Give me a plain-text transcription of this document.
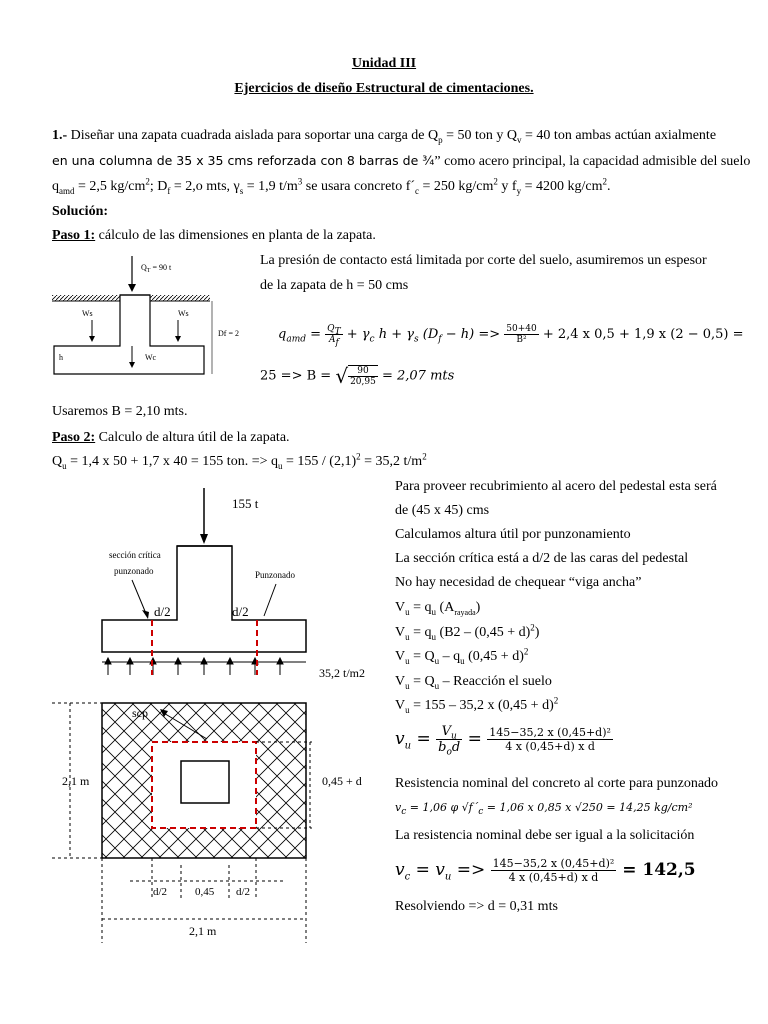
Unidad III
Ejercicios de diseño Estructural de cimentaciones.
1.- Diseñar una zapata cuadrada aislada para soportar una carga de $Q_p = 50$ ton y $Q_v = 40$ ton ambas actúan axialmente
en una columna de 35 x 35 cms reforzada con 8 barras de ¾” como acero principal, la capacidad admisible del suelo
$q_{amd} = 2,5$ $kg/cm^2$; $D_f = 2,o$ mts, $\gamma_s = 1,9$ $t/m^3$ se usara concreto $f´_c = 250$ $kg/cm^2$ y $f_y = 4200$ $kg/cm^2$.
Solución:
Paso 1: cálculo de las dimensiones en planta de la zapata.
$Q_T = 90$ t
Ws	Ws
Wc
Df = 2
h
La presión de contacto está limitada por corte del suelo, asumiremos un espesor
de la zapata de h = 50 cms
$q_{amd} = \frac{Q_T}{A_f} + \gamma_c$ $h + \gamma_s$ $(D_f - h) => \frac{50+40}{\text{B²}} + 2,4$ x 0,5 + 1,9 x (2 − 0,5) =
25 => B = √ $\frac{90}{20,95} = 2,07$ mts
Usaremos B = 2,10 mts.
Paso 2: Calculo de altura útil de la zapata.
$Q_u = 1,4$ x 50 + 1,7 x 40 = 155 ton. => $q_u = 155 / (2,1)^2 = 35,2$ $t/m^2$
155 t
sección crítica
punzonado	Punzonado
d/2	d/2
35,2 t/m2
scp
2,1 m	0,45 + d
d/2	0,45 d/2
2,1 m
Para proveer recubrimiento al acero del pedestal esta será
de (45 x 45) cms
Calculamos altura útil por punzonamiento
La sección crítica está a d/2 de las caras del pedestal
No hay necesidad de chequear “viga ancha”
$V_u = q_u$ $(A_{rayada})$
$V_u = q_u$ $(B2 - (0,45 + d)^2)$
$V_u = Q_u - q_u$ $(0,45 + d)^2$
$V_u = Q_u$ – Reacción el suelo
$V_u = 155 - 35,2$ x $(0,45 + d)^2$
$v_u = \frac{V_u}{b_od} = \frac{\text{145−35,2 x (0,45+d)²}}{\text{4 x (0,45+d) x d}}$
Resistencia nominal del concreto al corte para punzonado
$v_c = 1,06$ φ $√f´_c = 1,06$ x 0,85 x √250 = 14,25 kg/cm²
La resistencia nominal debe ser igual a la solicitación
$v_c = v_u => \frac{\text{145−35,2 x (0,45+d)²}}{\text{4 x (0,45+d) x d}} = 142,5$
Resolviendo => d = 0,31 mts
